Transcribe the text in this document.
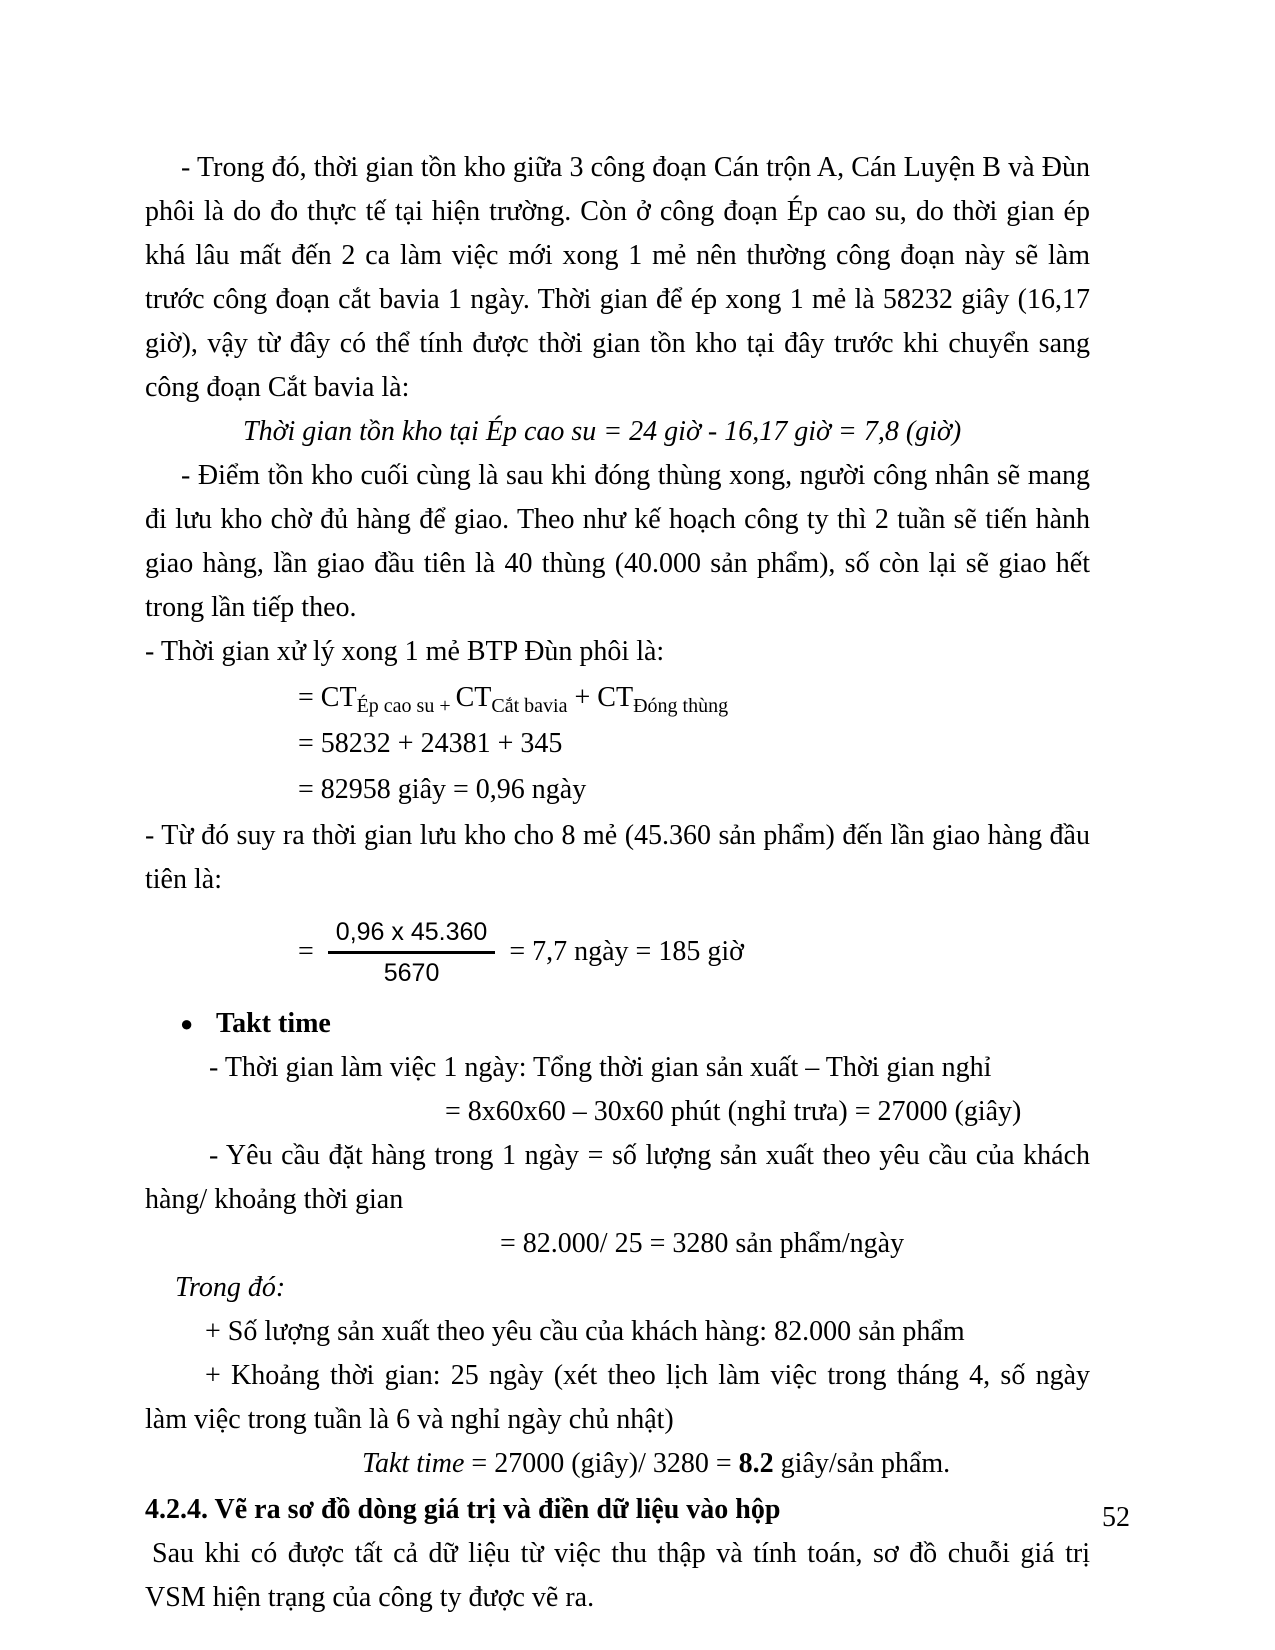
- Trong đó, thời gian tồn kho giữa 3 công đoạn Cán trộn A, Cán Luyện B và Đùn phôi là do đo thực tế tại hiện trường. Còn ở công đoạn Ép cao su, do thời gian ép khá lâu mất đến 2 ca làm việc mới xong 1 mẻ nên thường công đoạn này sẽ làm trước công đoạn cắt bavia 1 ngày. Thời gian để ép xong 1 mẻ là 58232 giây (16,17 giờ), vậy từ đây có thể tính được thời gian tồn kho tại đây trước khi chuyển sang công đoạn Cắt bavia là:

Thời gian tồn kho tại Ép cao su = 24 giờ - 16,17 giờ = 7,8 (giờ)

- Điểm tồn kho cuối cùng là sau khi đóng thùng xong, người công nhân sẽ mang đi lưu kho chờ đủ hàng để giao. Theo như kế hoạch công ty thì 2 tuần sẽ tiến hành giao hàng, lần giao đầu tiên là 40 thùng (40.000 sản phẩm), số còn lại sẽ giao hết trong lần tiếp theo.

- Thời gian xử lý xong 1 mẻ BTP Đùn phôi là:

= $CT_{Ép cao su}$ $_+$ $CT_{Cắt bavia} + CT_{Đóng thùng}$

= 58232 + 24381 + 345

= 82958 giây = 0,96 ngày

- Từ đó suy ra thời gian lưu kho cho 8 mẻ (45.360 sản phẩm) đến lần giao hàng đầu tiên là:

= $\frac{0,96 x 45.360}{5670} = 7,7$ ngày = 185 giờ

● Takt time

- Thời gian làm việc 1 ngày: Tổng thời gian sản xuất – Thời gian nghỉ

= 8x60x60 – 30x60 phút (nghỉ trưa) = 27000 (giây)

- Yêu cầu đặt hàng trong 1 ngày = số lượng sản xuất theo yêu cầu của khách hàng/ khoảng thời gian

= 82.000/ 25 = 3280 sản phẩm/ngày

Trong đó:

+ Số lượng sản xuất theo yêu cầu của khách hàng: 82.000 sản phẩm

+ Khoảng thời gian: 25 ngày (xét theo lịch làm việc trong tháng 4, số ngày làm việc trong tuần là 6 và nghỉ ngày chủ nhật)

Takt time = 27000 (giây)/ 3280 = 8.2 giây/sản phẩm.

4.2.4. Vẽ ra sơ đồ dòng giá trị và điền dữ liệu vào hộp

Sau khi có được tất cả dữ liệu từ việc thu thập và tính toán, sơ đồ chuỗi giá trị VSM hiện trạng của công ty được vẽ ra.

52
